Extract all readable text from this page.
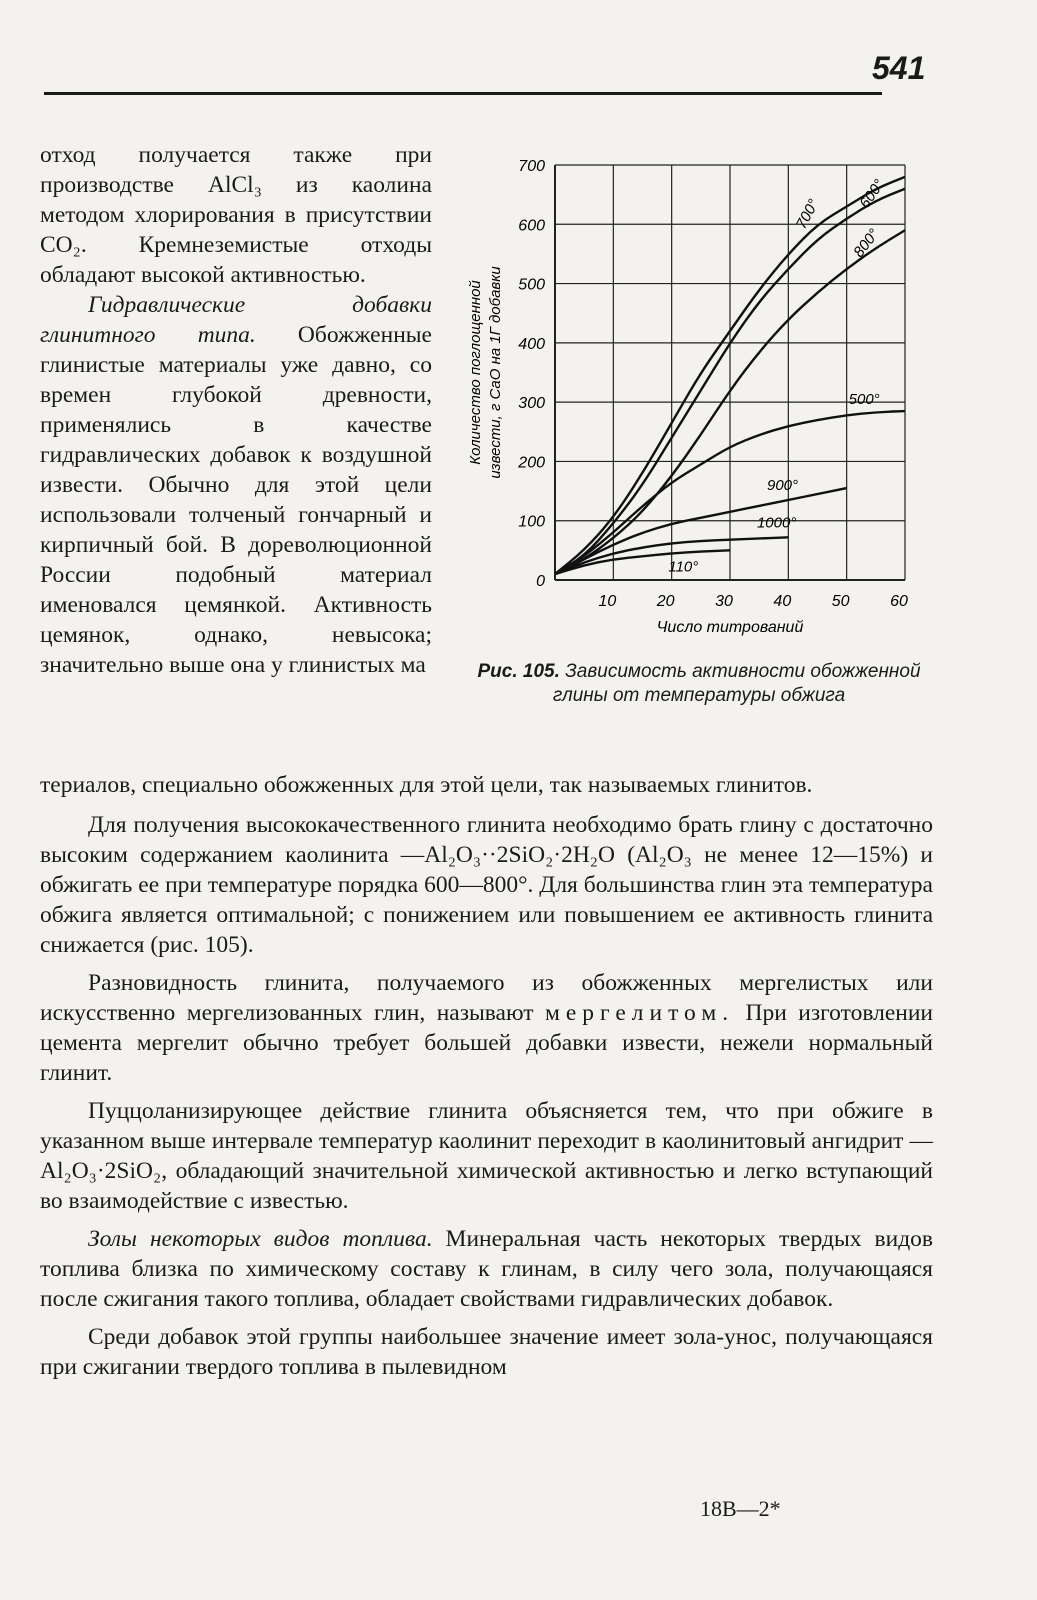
541

отход получается также при производстве AlCl₃ из каолина методом хлорирования в присутствии CO₂. Кремнеземистые отходы обладают высокой активностью.

Гидравлические добавки глинитного типа. Обожженные глинистые материалы уже давно, со времен глубокой древности, применялись в качестве гидравлических добавок к воздушной извести. Обычно для этой цели использовали толченый гончарный и кирпичный бой. В дореволюционной России подобный материал именовался цемянкой. Активность цемянок, однако, невысока; значительно выше она у глинистых ма

0
100
200
300
400
500
600
700
10	20	30	40	50	60
Число титрований
Количество поглощенной извести, г CaO на 1Г добавки
700°
600°
800°
500°
900°
110°
1000°
Рис. 105. Зависимость активности обожженной глины от температуры обжига

териалов, специально обожженных для этой цели, так называемых глинитов.

Для получения высококачественного глинита необходимо брать глину с достаточно высоким содержанием каолинита —Al₂O₃··2SiO₂·2H₂O (Al₂O₃ не менее 12—15%) и обжигать ее при температуре порядка 600—800°. Для большинства глин эта температура обжига является оптимальной; с понижением или повышением ее активность глинита снижается (рис. 105).

Разновидность глинита, получаемого из обожженных мергелистых или искусственно мергелизованных глин, называют мергелитом. При изготовлении цемента мергелит обычно требует большей добавки извести, нежели нормальный глинит.

Пуццоланизирующее действие глинита объясняется тем, что при обжиге в указанном выше интервале температур каолинит переходит в каолинитовый ангидрит — Al₂O₃·2SiO₂, обладающий значительной химической активностью и легко вступающий во взаимодействие с известью.

Золы некоторых видов топлива. Минеральная часть некоторых твердых видов топлива близка по химическому составу к глинам, в силу чего зола, получающаяся после сжигания такого топлива, обладает свойствами гидравлических добавок.

Среди добавок этой группы наибольшее значение имеет зола-унос, получающаяся при сжигании твердого топлива в пылевидном

18В—2*
